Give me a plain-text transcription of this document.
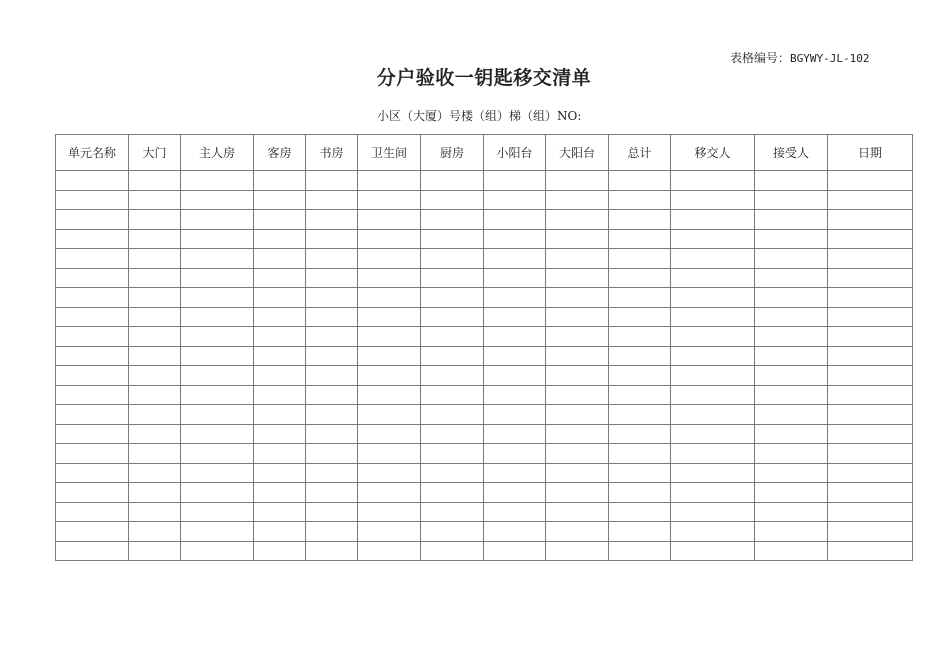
表格编号：BGYWY-JL-102
分户验收一钥匙移交清单
小区（大厦）号楼（组）梯（组）NO:
单元名称	大门	主人房	客房	书房	卫生间	厨房	小阳台	大阳台	总计	移交人	接受人	日期
